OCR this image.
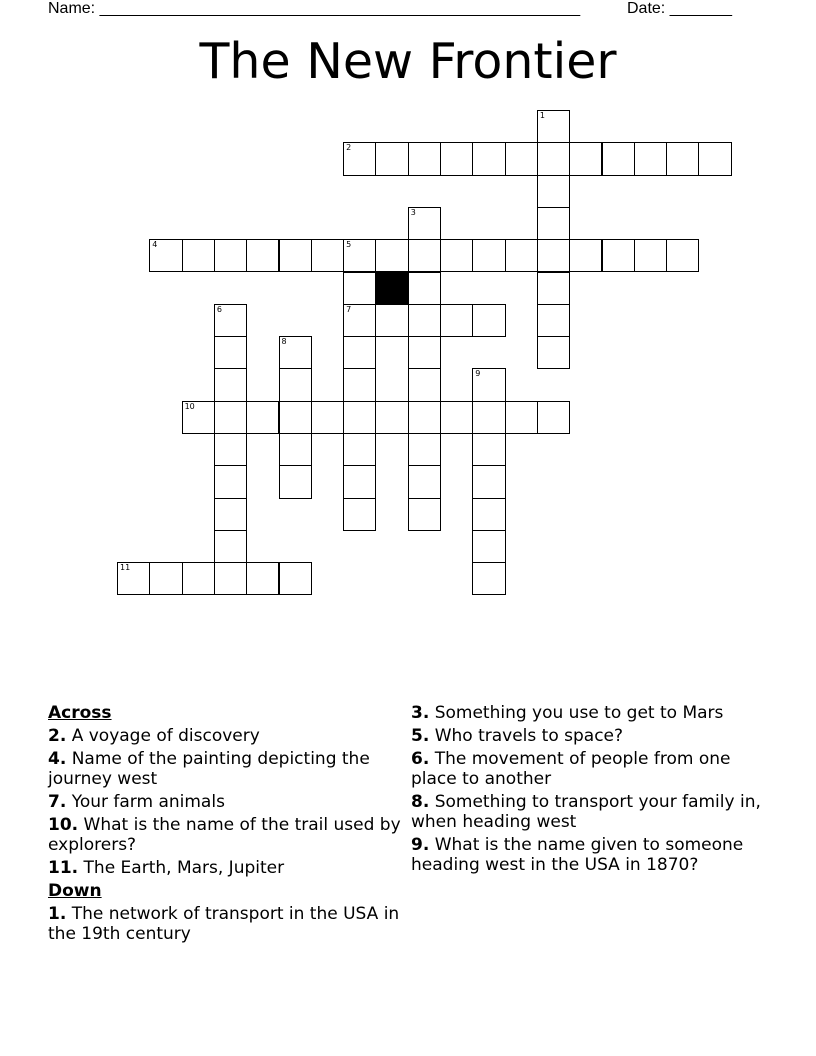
Name: ______________________________________________________	Date: _______
The New Frontier
2
4	5
7
10
11
1
3
6
8
9
Across
2. A voyage of discovery
4. Name of the painting depicting the journey west
7. Your farm animals
10. What is the name of the trail used by explorers?
11. The Earth, Mars, Jupiter
Down
1. The network of transport in the USA in the 19th century
3. Something you use to get to Mars
5. Who travels to space?
6. The movement of people from one place to another
8. Something to transport your family in, when heading west
9. What is the name given to someone heading west in the USA in 1870?
